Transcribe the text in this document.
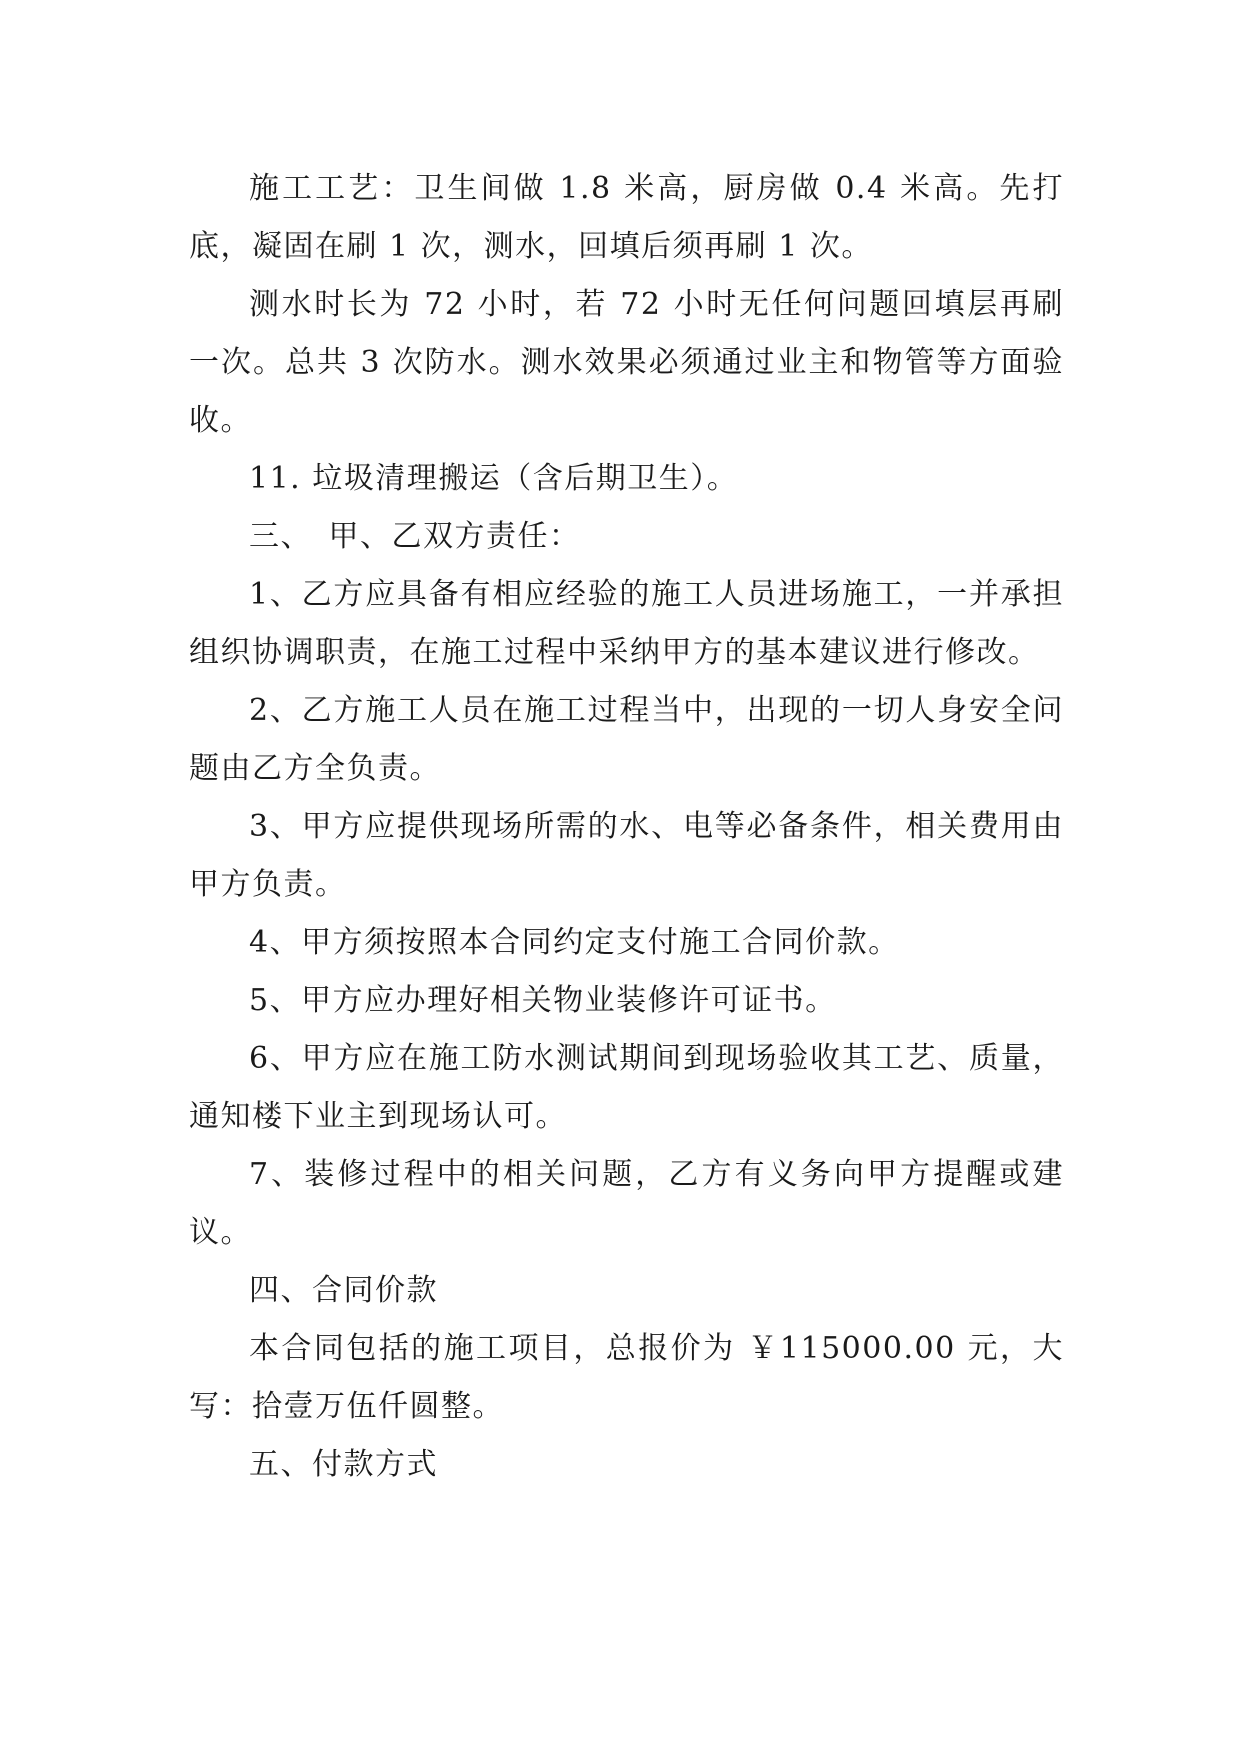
施工工艺：卫生间做 1.8 米高，厨房做 0.4 米高。先打底，凝固在刷 1 次，测水，回填后须再刷 1 次。

测水时长为 72 小时，若 72 小时无任何问题回填层再刷一次。总共 3 次防水。测水效果必须通过业主和物管等方面验收。

11. 垃圾清理搬运（含后期卫生）。

三、　甲、乙双方责任：

1、乙方应具备有相应经验的施工人员进场施工，一并承担组织协调职责，在施工过程中采纳甲方的基本建议进行修改。

2、乙方施工人员在施工过程当中，出现的一切人身安全问题由乙方全负责。

3、甲方应提供现场所需的水、电等必备条件，相关费用由甲方负责。

4、甲方须按照本合同约定支付施工合同价款。

5、甲方应办理好相关物业装修许可证书。

6、甲方应在施工防水测试期间到现场验收其工艺、质量，通知楼下业主到现场认可。

7、装修过程中的相关问题，乙方有义务向甲方提醒或建议。

四、合同价款

本合同包括的施工项目，总报价为 ￥115000.00 元，大写：拾壹万伍仟圆整。

五、付款方式
